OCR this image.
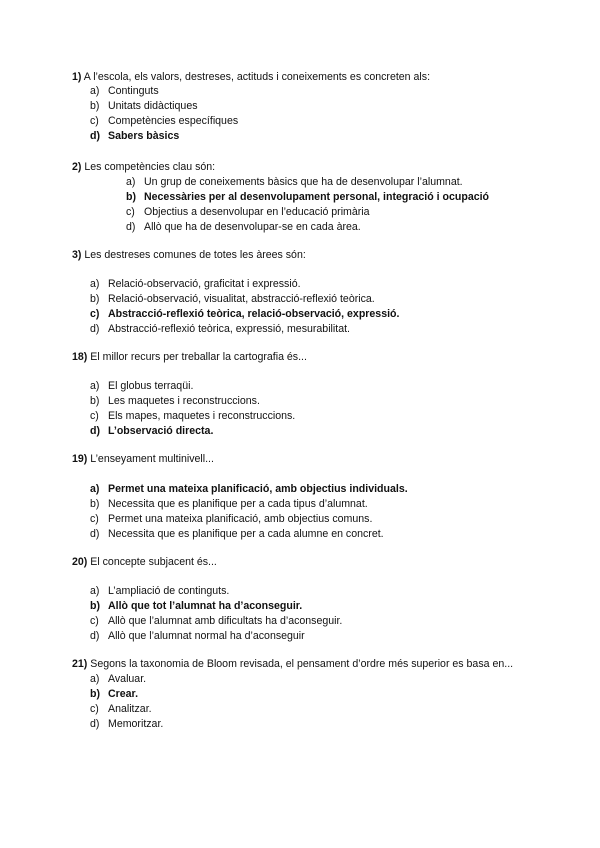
1) A l’escola, els valors, destreses, actituds i coneixements es concreten als:

a) Continguts
b) Unitats didàctiques
c) Competències específiques
d) Sabers bàsics

2) Les competències clau són:

a) Un grup de coneixements bàsics que ha de desenvolupar l’alumnat.
b) Necessàries per al desenvolupament personal, integració i ocupació
c) Objectius a desenvolupar en l’educació primària
d) Allò que ha de desenvolupar-se en cada àrea.

3) Les destreses comunes de totes les àrees són:

a) Relació-observació, graficitat i expressió.
b) Relació-observació, visualitat, abstracció-reflexió teòrica.
c) Abstracció-reflexió teòrica, relació-observació, expressió.
d) Abstracció-reflexió teòrica, expressió, mesurabilitat.

18) El millor recurs per treballar la cartografia és...

a) El globus terraqüi.
b) Les maquetes i reconstruccions.
c) Els mapes, maquetes i reconstruccions.
d) L’observació directa.

19) L’enseyament multinivell...

a) Permet una mateixa planificació, amb objectius individuals.
b) Necessita que es planifique per a cada tipus d’alumnat.
c) Permet una mateixa planificació, amb objectius comuns.
d) Necessita que es planifique per a cada alumne en concret.

20) El concepte subjacent és...

a) L’ampliació de continguts.
b) Allò que tot l’alumnat ha d’aconseguir.
c) Allò que l’alumnat amb dificultats ha d’aconseguir.
d) Allò que l’alumnat normal ha d’aconseguir

21) Segons la taxonomia de Bloom revisada, el pensament d’ordre més superior es basa en...

a) Avaluar.
b) Crear.
c) Analitzar.
d) Memoritzar.
